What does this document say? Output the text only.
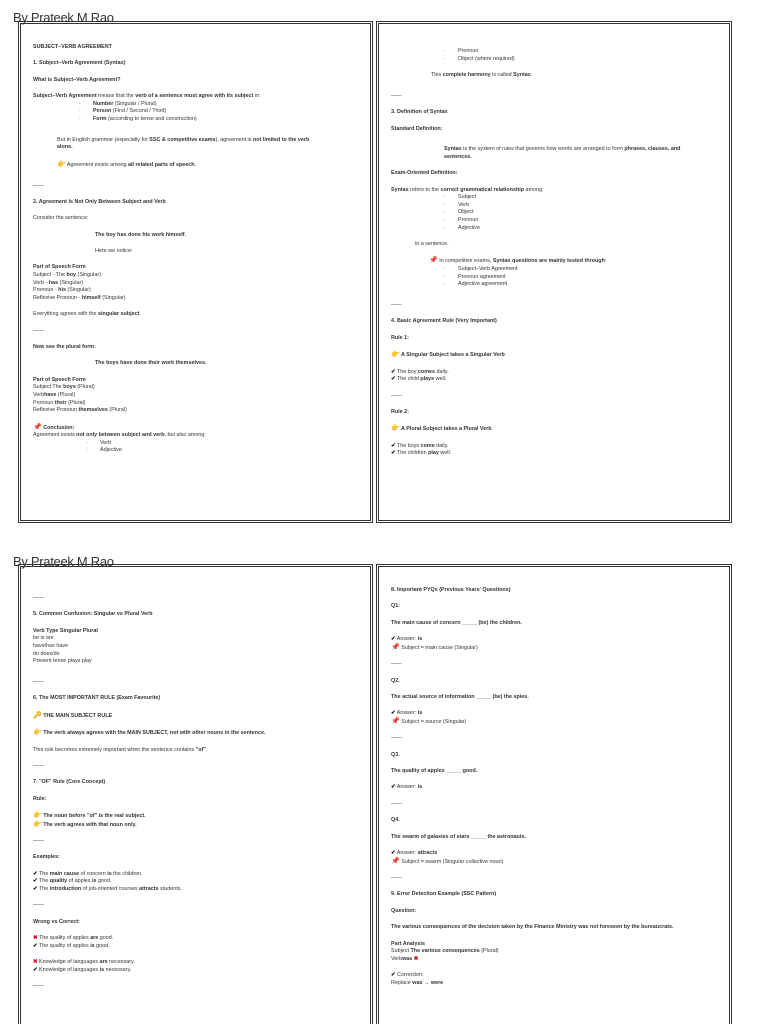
By Prateek M Rao
By Prateek M Rao
SUBJECT–VERB AGREEMENT
1. Subject–Verb Agreement (Syntax)
What is Subject–Verb Agreement?
Subject–Verb Agreement means that the verb of a sentence must agree with its subject in:
· Number (Singular / Plural)
· Person (First / Second / Third)
· Form (according to tense and construction)
But in English grammar (especially for SSC & competitive exams), agreement is not limited to the verb
alone.
👉 Agreement exists among all related parts of speech.
——
2. Agreement Is Not Only Between Subject and Verb
Consider the sentence:
The boy has done his work himself.
Here we notice:
Part of Speech Form
Subject - The boy (Singular)
Verb - has (Singular)
Pronoun - his (Singular)
Reflexive Pronoun - himself (Singular)
Everything agrees with the singular subject.
——
Now see the plural form:
The boys have done their work themselves.
Part of Speech Form
Subject The boys (Plural)
Verbhave (Plural)
Pronoun their (Plural)
Reflexive Pronoun themselves (Plural)
📌 Conclusion:
Agreement exists not only between subject and verb, but also among:
· Verb
· Adjective
· Pronoun
· Object (where required)
This complete harmony is called Syntax.
——
3. Definition of Syntax
Standard Definition:
Syntax is the system of rules that governs how words are arranged to form phrases, clauses, and
sentences.
Exam-Oriented Definition:
Syntax refers to the correct grammatical relationship among:
· Subject
· Verb
· Object
· Pronoun
· Adjective
in a sentence.
📌 In competitive exams, Syntax questions are mainly tested through:
· Subject–Verb Agreement
· Pronoun agreement
· Adjective agreement
——
4. Basic Agreement Rule (Very Important)
Rule 1:
👉 A Singular Subject takes a Singular Verb
✔ The boy comes daily.
✔ The child plays well.
——
Rule 2:
👉 A Plural Subject takes a Plural Verb
✔ The boys come daily.
✔ The children play well.
——
5. Common Confusion: Singular vs Plural Verb
Verb Type Singular Plural
be is are
have/has have
do does/do
Present tense plays play
——
6. The MOST IMPORTANT RULE (Exam Favourite)
🔑 THE MAIN SUBJECT RULE
👉 The verb always agrees with the MAIN SUBJECT, not with other nouns in the sentence.
This rule becomes extremely important when the sentence contains "of".
——
7. "OF" Rule (Core Concept)
Rule:
👉 The noun before "of" is the real subject.
👉 The verb agrees with that noun only.
——
Examples:
✔ The main cause of concern is the children.
✔ The quality of apples is good.
✔ The introduction of job-oriented courses attracts students.
——
Wrong vs Correct:
✖ The quality of apples are good.
✔ The quality of apples is good.
✖ Knowledge of languages are necessary.
✔ Knowledge of languages is necessary.
——
8. Important PYQs (Previous Years' Questions)
Q1:
The main cause of concern _____ (be) the children.
✔ Answer: is
📌 Subject = main cause (Singular)
——
Q2.
The actual source of information _____ (be) the spies.
✔ Answer: is
📌 Subject = source (Singular)
——
Q3.
The quality of apples _____ good.
✔ Answer: is
——
Q4.
The swarm of galaxies of stars _____ the astronauts.
✔ Answer: attracts
📌 Subject = swarm (Singular collective noun)
——
9. Error Detection Example (SSC Pattern)
Question:
The various consequences of the decision taken by the Finance Ministry was not foreseen by the bureaucrats.
Part Analysis
Subject The various consequences (Plural)
Verbwas ✖
✔ Correction:
Replace was → were
